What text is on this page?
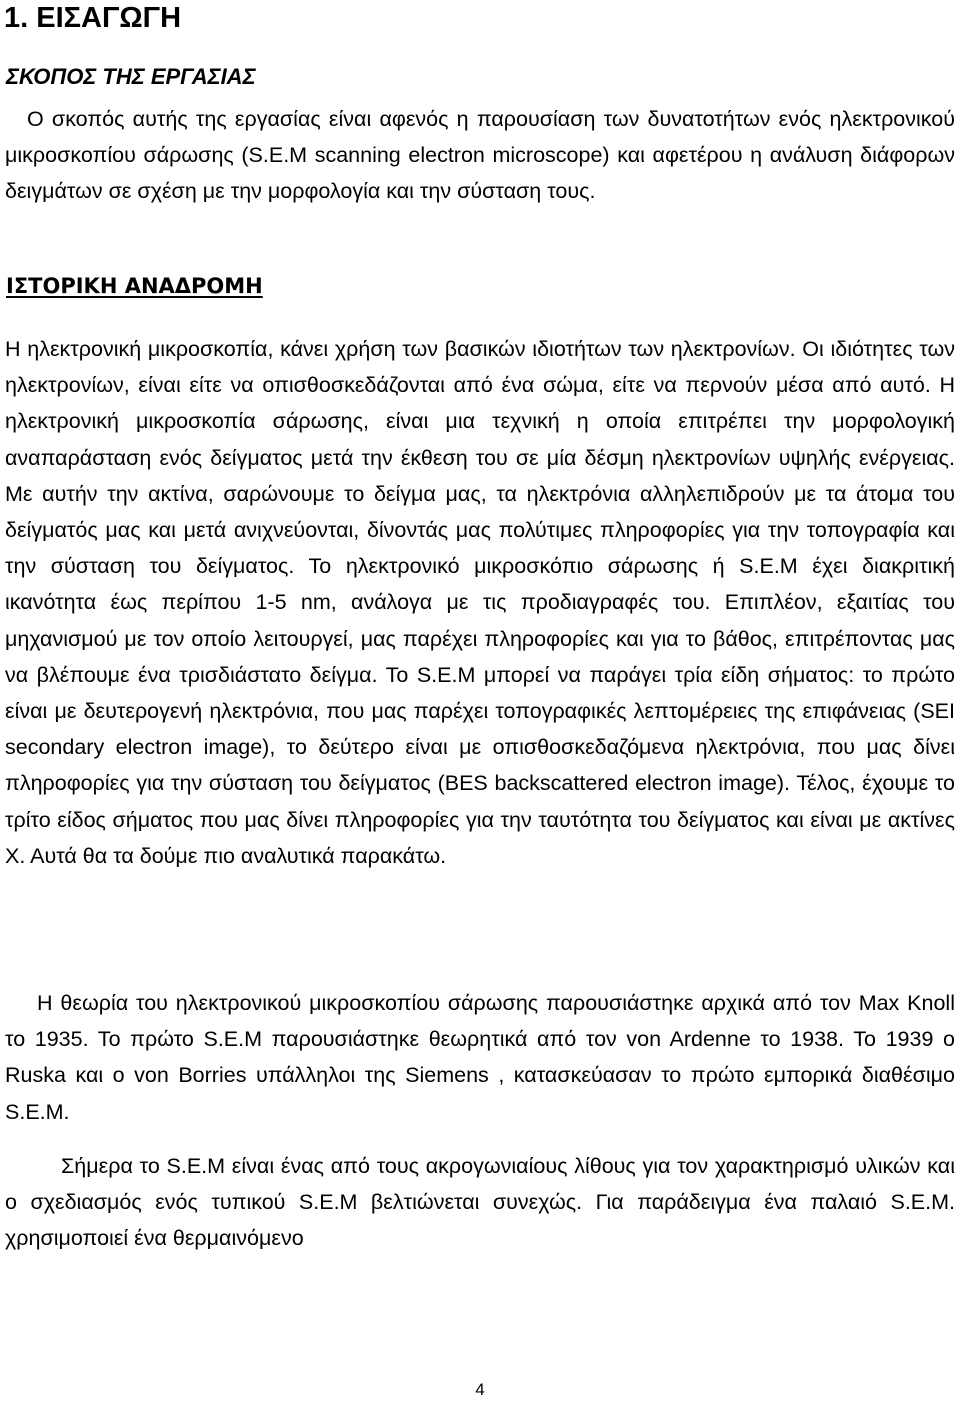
1. ΕΙΣΑΓΩΓΗ
ΣΚΟΠΟΣ ΤΗΣ ΕΡΓΑΣΙΑΣ

Ο σκοπός αυτής της εργασίας είναι αφενός η παρουσίαση των δυνατοτήτων ενός ηλεκτρονικού μικροσκοπίου σάρωσης (S.E.M scanning electron microscope) και αφετέρου η ανάλυση διάφορων δειγμάτων σε σχέση με την μορφολογία και την σύσταση τους.

ΙΣΤΟΡΙΚΗ ΑΝΑΔΡΟΜΗ

Η ηλεκτρονική μικροσκοπία, κάνει χρήση των βασικών ιδιοτήτων των ηλεκτρονίων. Οι ιδιότητες των ηλεκτρονίων, είναι είτε να οπισθοσκεδάζονται από ένα σώμα, είτε να περνούν μέσα από αυτό. Η ηλεκτρονική μικροσκοπία σάρωσης, είναι μια τεχνική η οποία επιτρέπει την μορφολογική αναπαράσταση ενός δείγματος μετά την έκθεση του σε μία δέσμη ηλεκτρονίων υψηλής ενέργειας. Με αυτήν την ακτίνα, σαρώνουμε το δείγμα μας, τα ηλεκτρόνια αλληλεπιδρούν με τα άτομα του δείγματός μας και μετά ανιχνεύονται, δίνοντάς μας πολύτιμες πληροφορίες για την τοπογραφία και την σύσταση του δείγματος. Το ηλεκτρονικό μικροσκόπιο σάρωσης ή S.E.M έχει διακριτική ικανότητα έως περίπου 1-5 nm, ανάλογα με τις προδιαγραφές του. Επιπλέον, εξαιτίας του μηχανισμού με τον οποίο λειτουργεί, μας παρέχει πληροφορίες και για το βάθος, επιτρέποντας μας να βλέπουμε ένα τρισδιάστατο δείγμα. Το S.E.M μπορεί να παράγει τρία είδη σήματος: το πρώτο είναι με δευτερογενή ηλεκτρόνια, που μας παρέχει τοπογραφικές λεπτομέρειες της επιφάνειας (SEI secondary electron image), το δεύτερο είναι με οπισθοσκεδαζόμενα ηλεκτρόνια, που μας δίνει πληροφορίες για την σύσταση του δείγματος (BES backscattered electron image). Τέλος, έχουμε το τρίτο είδος σήματος που μας δίνει πληροφορίες για την ταυτότητα του δείγματος και είναι με ακτίνες Χ. Αυτά θα τα δούμε πιο αναλυτικά παρακάτω.

Η θεωρία του ηλεκτρονικού μικροσκοπίου σάρωσης παρουσιάστηκε αρχικά από τον Max Knoll το 1935. Το πρώτο S.E.M παρουσιάστηκε θεωρητικά από τον von Ardenne το 1938. Το 1939 ο Ruska και ο von Borries υπάλληλοι της Siemens , κατασκεύασαν το πρώτο εμπορικά διαθέσιμο S.E.M.

Σήμερα το S.E.M είναι ένας από τους ακρογωνιαίους λίθους για τον χαρακτηρισμό υλικών και ο σχεδιασμός ενός τυπικού S.E.M βελτιώνεται συνεχώς. Για παράδειγμα ένα παλαιό S.E.M. χρησιμοποιεί ένα θερμαινόμενο

4
